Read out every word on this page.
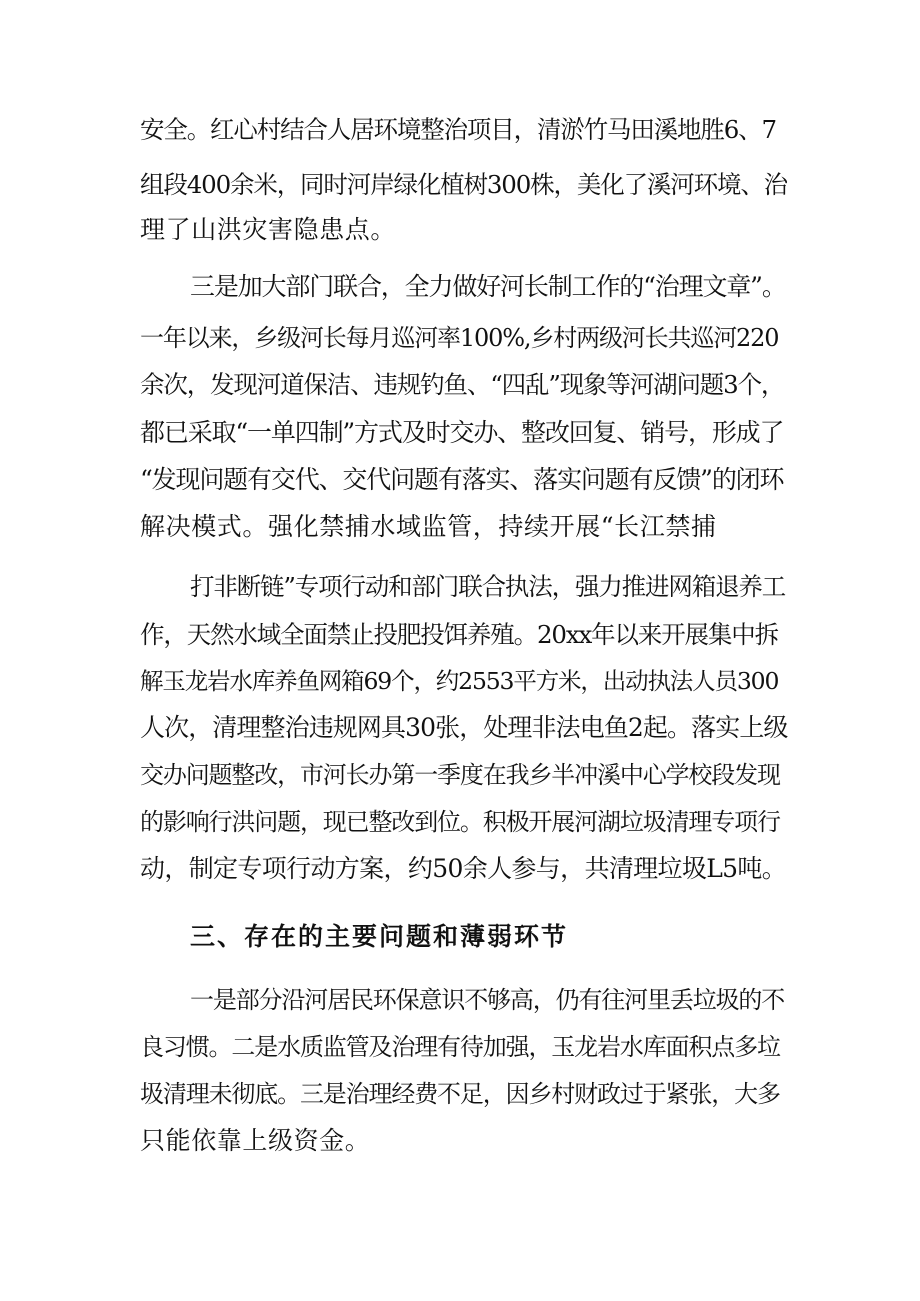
安全。红心村结合人居环境整治项目，清淤竹马田溪地胜6、7
组段400余米，同时河岸绿化植树300株，美化了溪河环境、治
理了山洪灾害隐患点。
三是加大部门联合，全力做好河长制工作的“治理文章”。
一年以来，乡级河长每月巡河率100%,乡村两级河长共巡河220
余次，发现河道保洁、违规钓鱼、“四乱”现象等河湖问题3个，
都已采取“一单四制”方式及时交办、整改回复、销号，形成了
“发现问题有交代、交代问题有落实、落实问题有反馈”的闭环
解决模式。强化禁捕水域监管，持续开展“长江禁捕
打非断链”专项行动和部门联合执法，强力推进网箱退养工
作，天然水域全面禁止投肥投饵养殖。20xx年以来开展集中拆
解玉龙岩水库养鱼网箱69个，约2553平方米，出动执法人员300
人次，清理整治违规网具30张，处理非法电鱼2起。落实上级
交办问题整改，市河长办第一季度在我乡半冲溪中心学校段发现
的影响行洪问题，现已整改到位。积极开展河湖垃圾清理专项行
动，制定专项行动方案，约50余人参与，共清理垃圾L5吨。
三、存在的主要问题和薄弱环节
一是部分沿河居民环保意识不够高，仍有往河里丢垃圾的不
良习惯。二是水质监管及治理有待加强，玉龙岩水库面积点多垃
圾清理未彻底。三是治理经费不足，因乡村财政过于紧张，大多
只能依靠上级资金。
